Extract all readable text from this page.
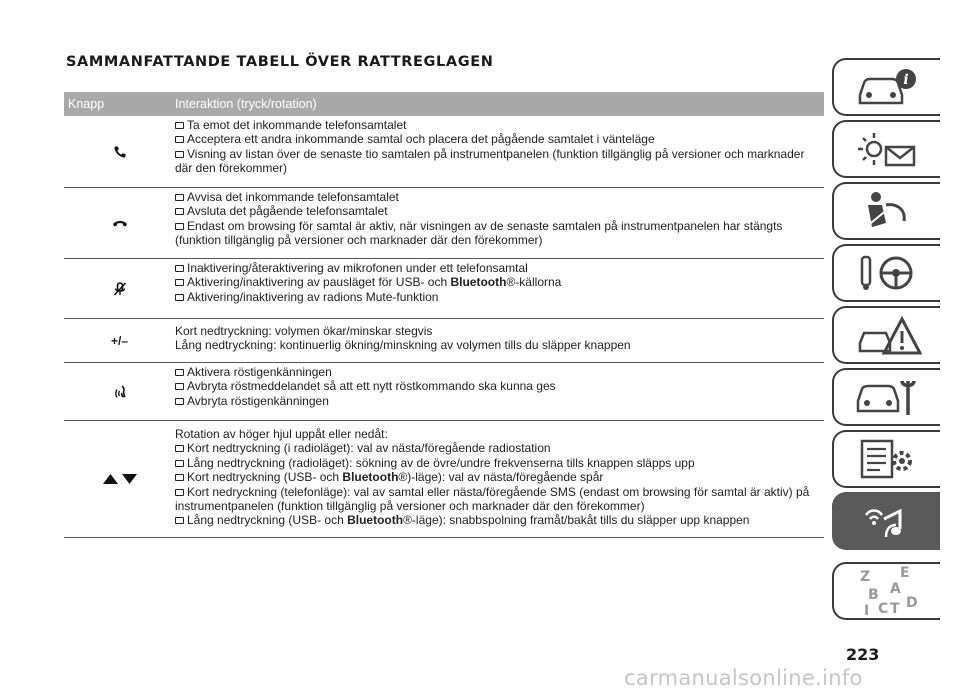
SAMMANFATTANDE TABELL ÖVER RATTREGLAGEN
Knapp	Interaktion (tryck/rotation)
Ta emot det inkommande telefonsamtalet
Acceptera ett andra inkommande samtal och placera det pågående samtalet i vänteläge
Visning av listan över de senaste tio samtalen på instrumentpanelen (funktion tillgänglig på versioner och marknader
där den förekommer)
Avvisa det inkommande telefonsamtalet
Avsluta det pågående telefonsamtalet
Endast om browsing för samtal är aktiv, när visningen av de senaste samtalen på instrumentpanelen har stängts
(funktion tillgänglig på versioner och marknader där den förekommer)
Inaktivering/återaktivering av mikrofonen under ett telefonsamtal
Aktivering/inaktivering av pausläget för USB- och Bluetooth®-källorna
Aktivering/inaktivering av radions Mute-funktion
+/–
Kort nedtryckning: volymen ökar/minskar stegvis
Lång nedtryckning: kontinuerlig ökning/minskning av volymen tills du släpper knappen
Aktivera röstigenkänningen
Avbryta röstmeddelandet så att ett nytt röstkommando ska kunna ges
Avbryta röstigenkänningen
Rotation av höger hjul uppåt eller nedåt:
Kort nedtryckning (i radioläget): val av nästa/föregående radiostation
Lång nedtryckning (radioläget): sökning av de övre/undre frekvenserna tills knappen släpps upp
Kort nedtryckning (USB- och Bluetooth®)-läge): val av nästa/föregående spår
Kort nedryckning (telefonläge): val av samtal eller nästa/föregående SMS (endast om browsing för samtal är aktiv) på
instrumentpanelen (funktion tillgänglig på versioner och marknader där den förekommer)
Lång nedtryckning (USB- och Bluetooth®-läge): snabbspolning framåt/bakåt tills du släpper upp knappen
i
Z E
A
B D
I C T
223
carmanualsonline.info
